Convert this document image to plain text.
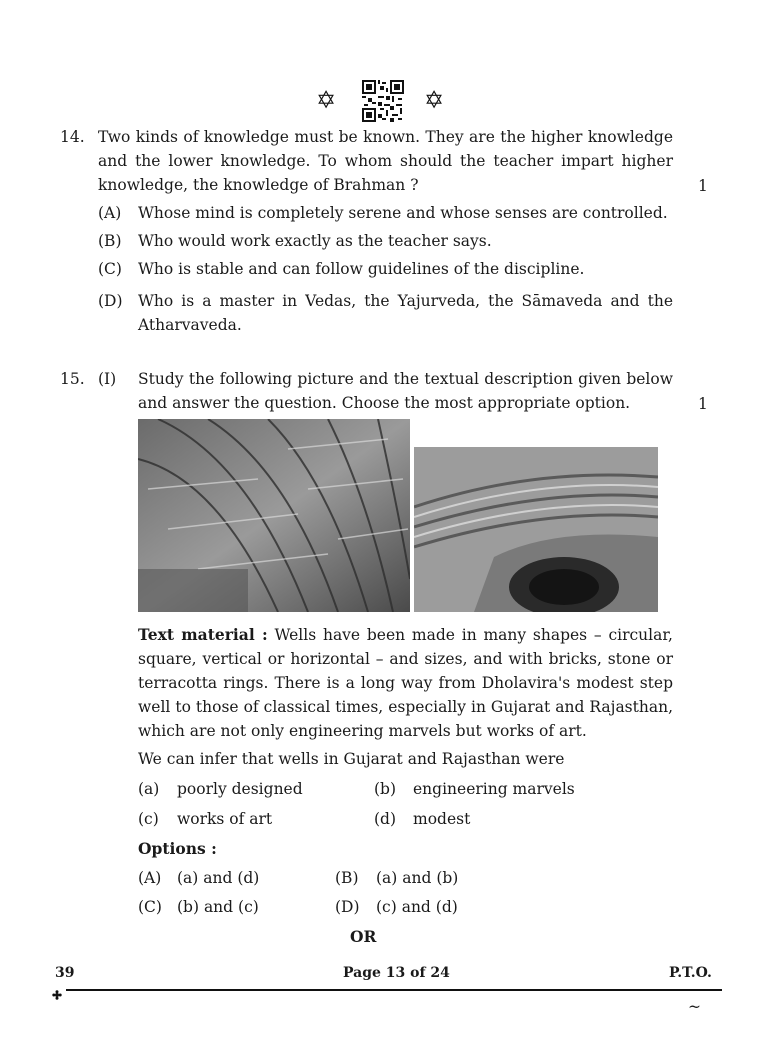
✡	✡
14. Two kinds of knowledge must be known. They are the higher knowledge
and the lower knowledge. To whom should the teacher impart higher
knowledge, the knowledge of Brahman ?	1
(A) Whose mind is completely serene and whose senses are controlled.
(B) Who would work exactly as the teacher says.
(C) Who is stable and can follow guidelines of the discipline.
(D) Who is a master in Vedas, the Yajurveda, the Sāmaveda and the
Atharvaveda.
15. (I) Study the following picture and the textual description given below
and answer the question. Choose the most appropriate option.	1
Text material : Wells have been made in many shapes – circular,
square, vertical or horizontal – and sizes, and with bricks, stone or
terracotta rings. There is a long way from Dholavira's modest step
well to those of classical times, especially in Gujarat and Rajasthan,
which are not only engineering marvels but works of art.
We can infer that wells in Gujarat and Rajasthan were
(a) poorly designed	(b) engineering marvels
(c) works of art	(d) modest
Options :
(A) (a) and (d)	(B) (a) and (b)
(C) (b) and (c)	(D) (c) and (d)
OR
39	Page 13 of 24	P.T.O.
~
